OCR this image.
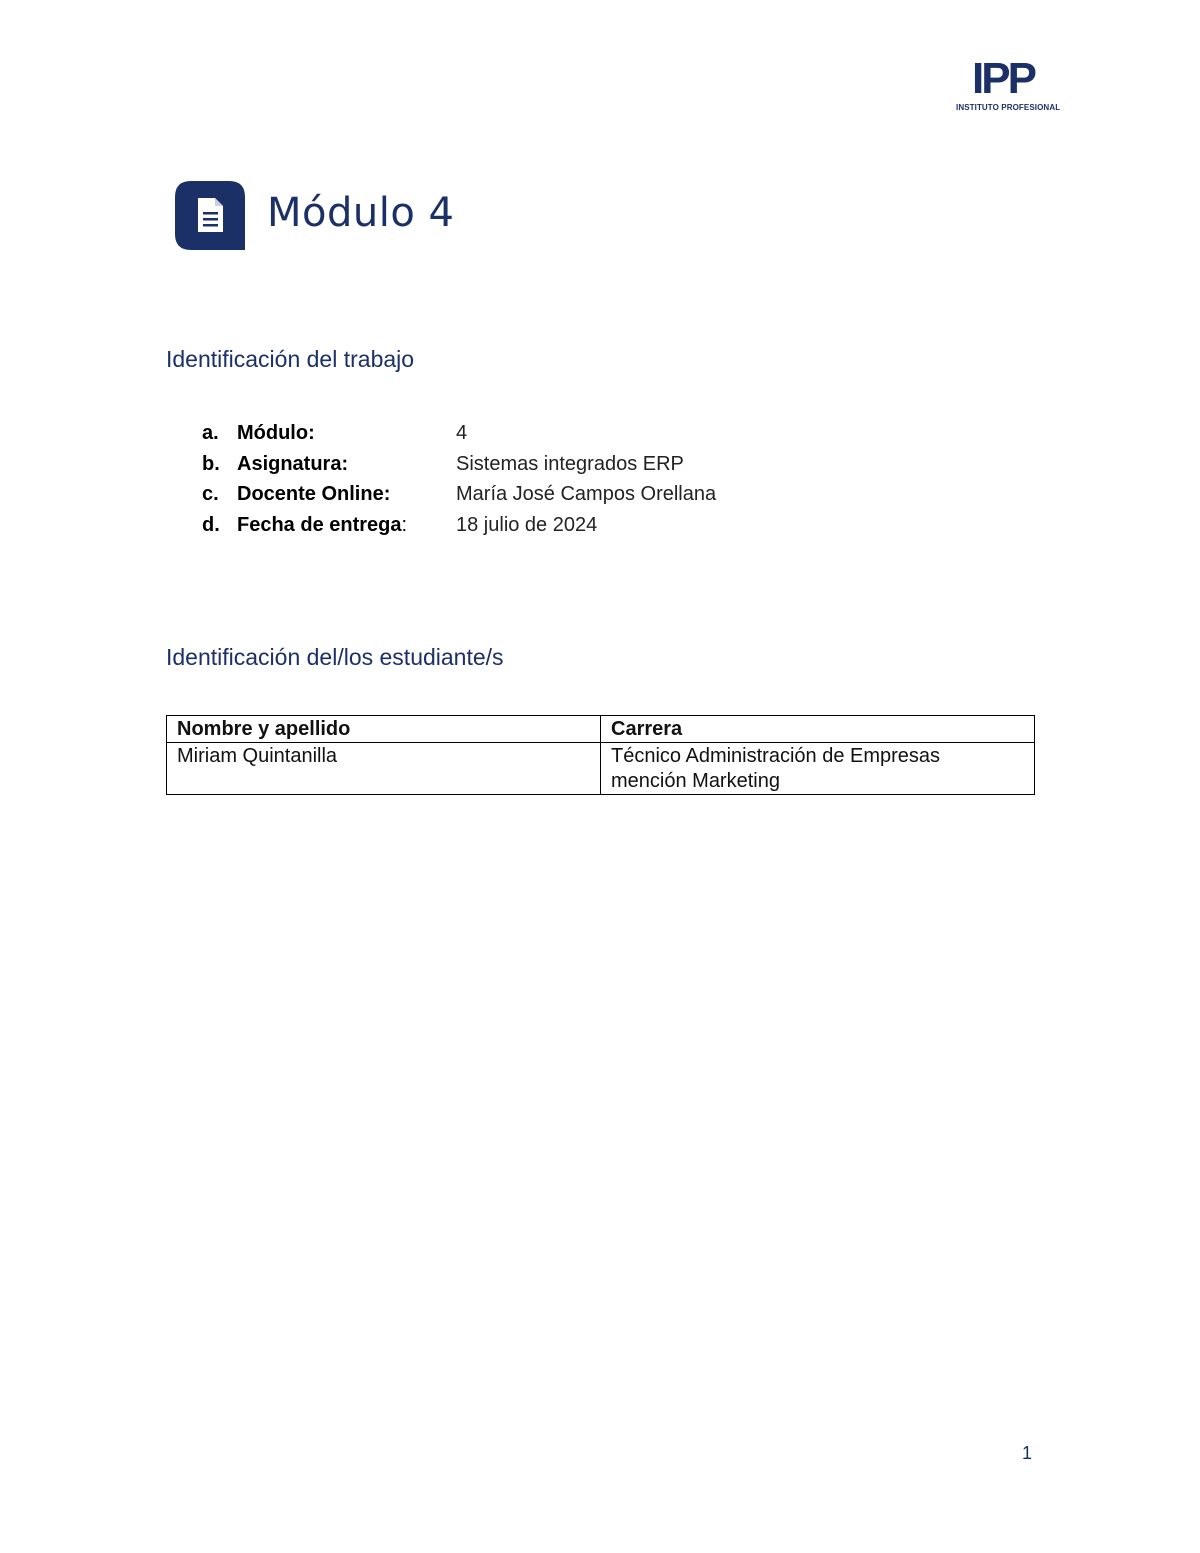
IPP
INSTITUTO PROFESIONAL
Módulo 4
Identificación del trabajo
a. Módulo:	4
b. Asignatura:	Sistemas integrados ERP
c. Docente Online:	María José Campos Orellana
d. Fecha de entrega: 18 julio de 2024
Identificación del/los estudiante/s
Nombre y apellido	Carrera
Miriam Quintanilla	Técnico Administración de Empresas
mención Marketing
1
